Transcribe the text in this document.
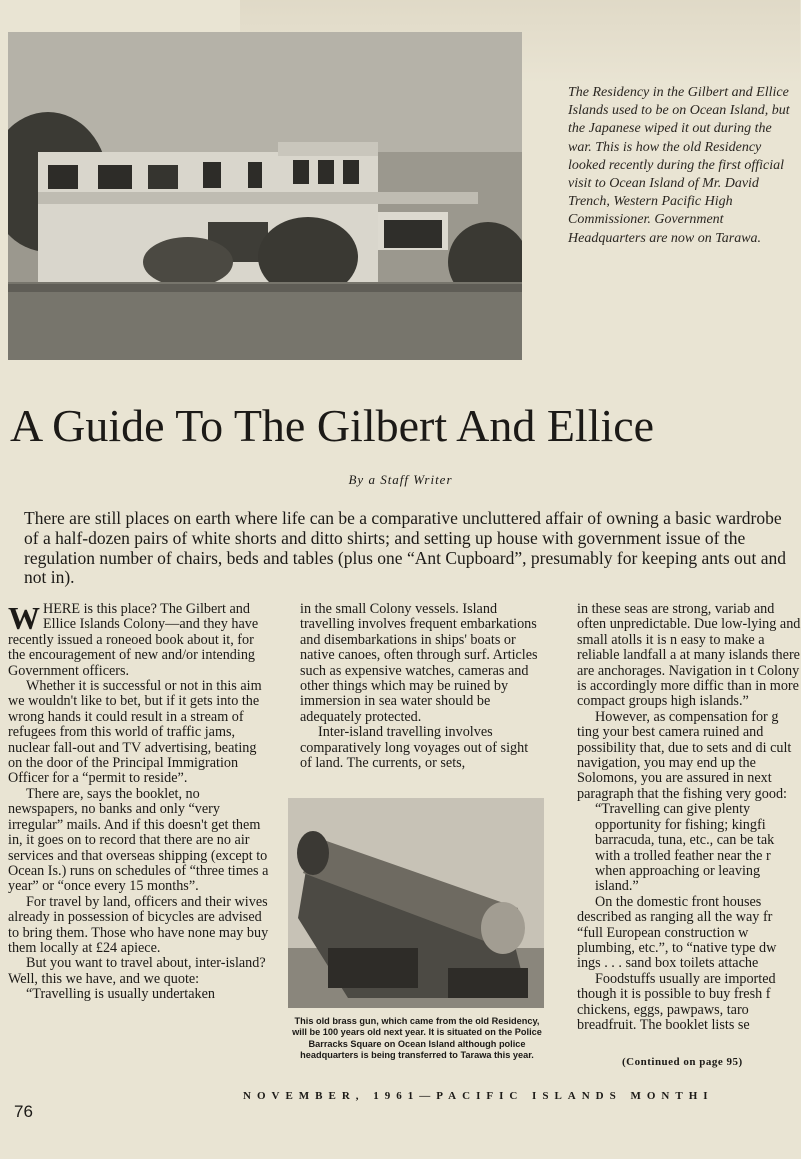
The Residency in the Gilbert and Ellice Islands used to be on Ocean Island, but the Japanese wiped it out during the war. This is how the old Residency looked recently during the first official visit to Ocean Island of Mr. David Trench, Western Pacific High Commissioner. Government Headquarters are now on Tarawa.
A Guide To The Gilbert And Ellice
By a Staff Writer

There are still places on earth where life can be a comparative uncluttered affair of owning a basic wardrobe of a half-dozen pairs of white shorts and ditto shirts; and setting up house with government issue of the regulation number of chairs, beds and tables (plus one “Ant Cupboard”, presumably for keeping ants out and not in).

WHERE is this place? The Gilbert and Ellice Islands Colony—and they have recently issued a roneoed book about it, for the encouragement of new and/or intending Government officers.

Whether it is successful or not in this aim we wouldn't like to bet, but if it gets into the wrong hands it could result in a stream of refugees from this world of traffic jams, nuclear fall-out and TV advertising, beating on the door of the Principal Immigration Officer for a “permit to reside”.

There are, says the booklet, no newspapers, no banks and only “very irregular” mails. And if this doesn't get them in, it goes on to record that there are no air services and that overseas shipping (except to Ocean Is.) runs on schedules of “three times a year” or “once every 15 months”.

For travel by land, officers and their wives already in possession of bicycles are advised to bring them. Those who have none may buy them locally at £24 apiece.

But you want to travel about, inter-island? Well, this we have, and we quote:

“Travelling is usually undertaken

in the small Colony vessels. Island travelling involves frequent embarkations and disembarkations in ships' boats or native canoes, often through surf. Articles such as expensive watches, cameras and other things which may be ruined by immersion in sea water should be adequately protected.

Inter-island travelling involves comparatively long voyages out of sight of land. The currents, or sets,

This old brass gun, which came from the old Residency, will be 100 years old next year. It is situated on the Police Barracks Square on Ocean Island although police headquarters is being transferred to Tarawa this year.

in these seas are strong, variab and often unpredictable. Due low-lying and small atolls it is n easy to make a reliable landfall a at many islands there are anchorages. Navigation in t Colony is accordingly more diffic than in more compact groups high islands.”

However, as compensation for g ting your best camera ruined and possibility that, due to sets and di cult navigation, you may end up the Solomons, you are assured in next paragraph that the fishing very good:

“Travelling can give plenty opportunity for fishing; kingfi barracuda, tuna, etc., can be tak with a trolled feather near the r when approaching or leaving island.”

On the domestic front houses described as ranging all the way fr “full European construction w plumbing, etc.”, to “native type dw ings . . . sand box toilets attache

Foodstuffs usually are imported though it is possible to buy fresh f chickens, eggs, pawpaws, taro breadfruit. The booklet lists se

(Continued on page 95)
NOVEMBER, 1961—PACIFIC ISLANDS MONTHI
76
